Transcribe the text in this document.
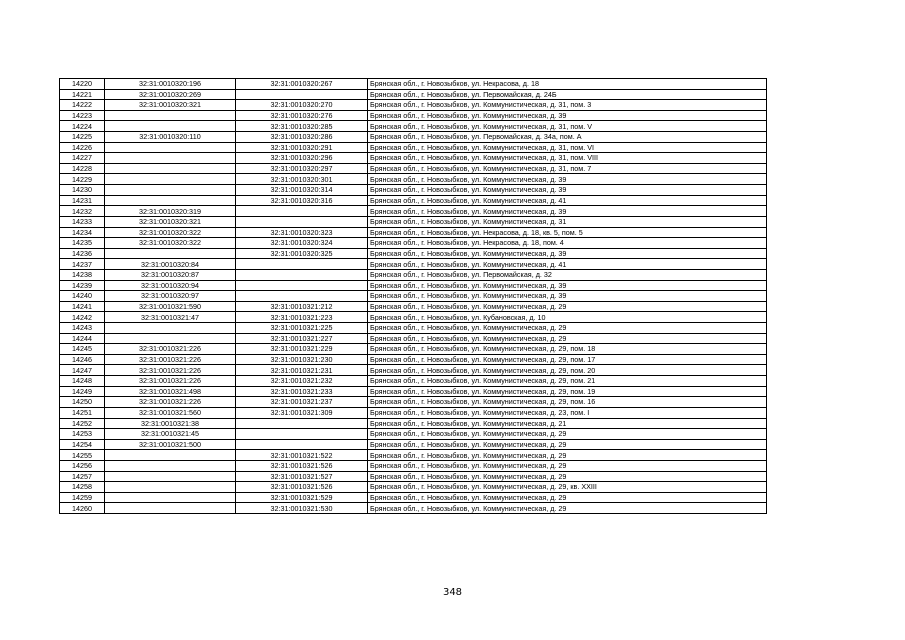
14220	32:31:0010320:196	32:31:0010320:267	Брянская обл., г. Новозыбков, ул. Некрасова, д. 18
14221	32:31:0010320:269		Брянская обл., г. Новозыбков, ул. Первомайская, д. 24Б
14222	32:31:0010320:321	32:31:0010320:270	Брянская обл., г. Новозыбков, ул. Коммунистическая, д. 31, пом. 3
14223		32:31:0010320:276	Брянская обл., г. Новозыбков, ул. Коммунистическая, д. 39
14224		32:31:0010320:285	Брянская обл., г. Новозыбков, ул. Коммунистическая, д. 31, пом. V
14225	32:31:0010320:110	32:31:0010320:286	Брянская обл., г. Новозыбков, ул. Первомайская, д. 34а, пом. А
14226		32:31:0010320:291	Брянская обл., г. Новозыбков, ул. Коммунистическая, д. 31, пом. VI
14227		32:31:0010320:296	Брянская обл., г. Новозыбков, ул. Коммунистическая, д. 31, пом. VIII
14228		32:31:0010320:297	Брянская обл., г. Новозыбков, ул. Коммунистическая, д. 31, пом. 7
14229		32:31:0010320:301	Брянская обл., г. Новозыбков, ул. Коммунистическая, д. 39
14230		32:31:0010320:314	Брянская обл., г. Новозыбков, ул. Коммунистическая, д. 39
14231		32:31:0010320:316	Брянская обл., г. Новозыбков, ул. Коммунистическая, д. 41
14232	32:31:0010320:319		Брянская обл., г. Новозыбков, ул. Коммунистическая, д. 39
14233	32:31:0010320:321		Брянская обл., г. Новозыбков, ул. Коммунистическая, д. 31
14234	32:31:0010320:322	32:31:0010320:323	Брянская обл., г. Новозыбков, ул. Некрасова, д. 18, кв. 5, пом. 5
14235	32:31:0010320:322	32:31:0010320:324	Брянская обл., г. Новозыбков, ул. Некрасова, д. 18, пом. 4
14236		32:31:0010320:325	Брянская обл., г. Новозыбков, ул. Коммунистическая, д. 39
14237	32:31:0010320:84		Брянская обл., г. Новозыбков, ул. Коммунистическая, д. 41
14238	32:31:0010320:87		Брянская обл., г. Новозыбков, ул. Первомайская, д. 32
14239	32:31:0010320:94		Брянская обл., г. Новозыбков, ул. Коммунистическая, д. 39
14240	32:31:0010320:97		Брянская обл., г. Новозыбков, ул. Коммунистическая, д. 39
14241	32:31:0010321:590	32:31:0010321:212	Брянская обл., г. Новозыбков, ул. Коммунистическая, д. 29
14242	32:31:0010321:47	32:31:0010321:223	Брянская обл., г. Новозыбков, ул. Кубановская, д. 10
14243		32:31:0010321:225	Брянская обл., г. Новозыбков, ул. Коммунистическая, д. 29
14244		32:31:0010321:227	Брянская обл., г. Новозыбков, ул. Коммунистическая, д. 29
14245	32:31:0010321:226	32:31:0010321:229	Брянская обл., г. Новозыбков, ул. Коммунистическая, д. 29, пом. 18
14246	32:31:0010321:226	32:31:0010321:230	Брянская обл., г. Новозыбков, ул. Коммунистическая, д. 29, пом. 17
14247	32:31:0010321:226	32:31:0010321:231	Брянская обл., г. Новозыбков, ул. Коммунистическая, д. 29, пом. 20
14248	32:31:0010321:226	32:31:0010321:232	Брянская обл., г. Новозыбков, ул. Коммунистическая, д. 29, пом. 21
14249	32:31:0010321:498	32:31:0010321:233	Брянская обл., г. Новозыбков, ул. Коммунистическая, д. 29, пом. 19
14250	32:31:0010321:226	32:31:0010321:237	Брянская обл., г. Новозыбков, ул. Коммунистическая, д. 29, пом. 16
14251	32:31:0010321:560	32:31:0010321:309	Брянская обл., г. Новозыбков, ул. Коммунистическая, д. 23, пом. I
14252	32:31:0010321:38		Брянская обл., г. Новозыбков, ул. Коммунистическая, д. 21
14253	32:31:0010321:45		Брянская обл., г. Новозыбков, ул. Коммунистическая, д. 29
14254	32:31:0010321:500		Брянская обл., г. Новозыбков, ул. Коммунистическая, д. 29
14255		32:31:0010321:522	Брянская обл., г. Новозыбков, ул. Коммунистическая, д. 29
14256		32:31:0010321:526	Брянская обл., г. Новозыбков, ул. Коммунистическая, д. 29
14257		32:31:0010321:527	Брянская обл., г. Новозыбков, ул. Коммунистическая, д. 29
14258		32:31:0010321:526	Брянская обл., г. Новозыбков, ул. Коммунистическая, д. 29, кв. XXIII
14259		32:31:0010321:529	Брянская обл., г. Новозыбков, ул. Коммунистическая, д. 29
14260		32:31:0010321:530	Брянская обл., г. Новозыбков, ул. Коммунистическая, д. 29
348
